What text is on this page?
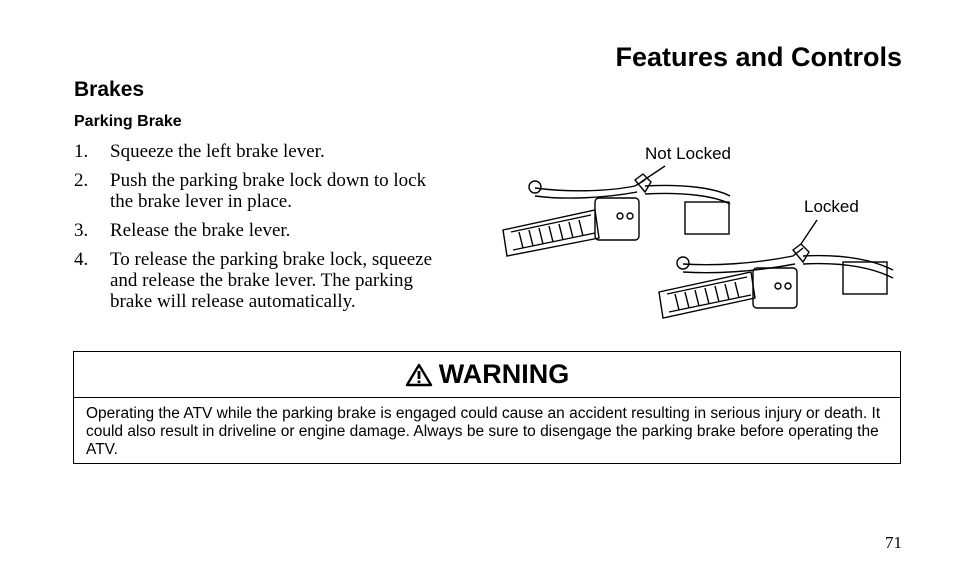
Features and Controls
Brakes
Parking Brake
1.	Squeeze the left brake lever.
2.	Push the parking brake lock down to lock the brake lever in place.
3.	Release the brake lever.
4.	To release the parking brake lock, squeeze and release the brake lever. The parking brake will release automatically.
Not Locked
Locked
WARNING
Operating the ATV while the parking brake is engaged could cause an accident resulting in serious injury or death. It could also result in driveline or engine damage. Always be sure to disengage the parking brake before operating the ATV.
71
